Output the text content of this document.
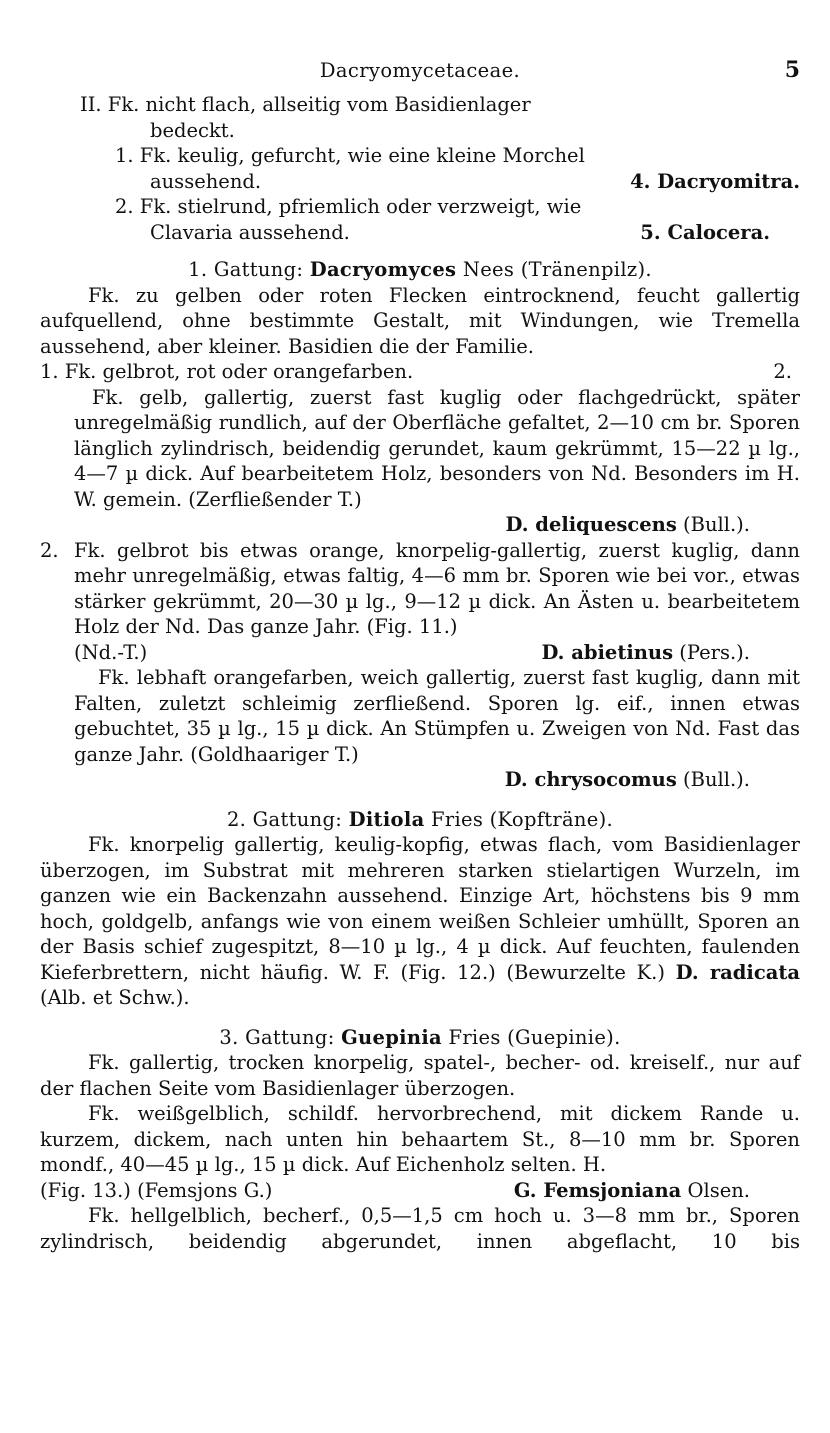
Dacryomycetaceae.	5
II. Fk. nicht flach, allseitig vom Basidienlager
bedeckt.
1. Fk. keulig, gefurcht, wie eine kleine Morchel
aussehend.	4. Dacryomitra.
2. Fk. stielrund, pfriemlich oder verzweigt, wie
Clavaria aussehend.	5. Calocera.

1. Gattung: Dacryomyces Nees (Tränenpilz).

Fk. zu gelben oder roten Flecken eintrocknend, feucht gallertig aufquellend, ohne bestimmte Gestalt, mit Windungen, wie Tremella aussehend, aber kleiner. Basidien die der Familie.

1. Fk. gelbrot, rot oder orangefarben.	2.

Fk. gelb, gallertig, zuerst fast kuglig oder flachgedrückt, später unregelmäßig rundlich, auf der Oberfläche gefaltet, 2—10 cm br. Sporen länglich zylindrisch, beidendig gerundet, kaum gekrümmt, 15—22 µ lg., 4—7 µ dick. Auf bearbeitetem Holz, besonders von Nd. Besonders im H. W. gemein. (Zerfließender T.)

D. deliquescens (Bull.).
2. Fk. gelbrot bis etwas orange, knorpelig-gallertig, zuerst kuglig, dann mehr unregelmäßig, etwas faltig, 4—6 mm br. Sporen wie bei vor., etwas stärker gekrümmt, 20—30 µ lg., 9—12 µ dick. An Ästen u. bearbeitetem Holz der Nd. Das ganze Jahr. (Fig. 11.)

(Nd.-T.)	D. abietinus (Pers.).

Fk. lebhaft orangefarben, weich gallertig, zuerst fast kuglig, dann mit Falten, zuletzt schleimig zerfließend. Sporen lg. eif., innen etwas gebuchtet, 35 µ lg., 15 µ dick. An Stümpfen u. Zweigen von Nd. Fast das ganze Jahr. (Goldhaariger T.)

D. chrysocomus (Bull.).

2. Gattung: Ditiola Fries (Kopfträne).

Fk. knorpelig gallertig, keulig-kopfig, etwas flach, vom Basidienlager überzogen, im Substrat mit mehreren starken stielartigen Wurzeln, im ganzen wie ein Backenzahn aussehend. Einzige Art, höchstens bis 9 mm hoch, goldgelb, anfangs wie von einem weißen Schleier umhüllt, Sporen an der Basis schief zugespitzt, 8—10 µ lg., 4 µ dick. Auf feuchten, faulenden Kieferbrettern, nicht häufig. W. F. (Fig. 12.) (Bewurzelte K.) D. radicata (Alb. et Schw.).

3. Gattung: Guepinia Fries (Guepinie).

Fk. gallertig, trocken knorpelig, spatel-, becher- od. kreiself., nur auf der flachen Seite vom Basidienlager überzogen.

Fk. weißgelblich, schildf. hervorbrechend, mit dickem Rande u. kurzem, dickem, nach unten hin behaartem St., 8—10 mm br. Sporen mondf., 40—45 µ lg., 15 µ dick. Auf Eichenholz selten. H.

(Fig. 13.) (Femsjons G.)	G. Femsjoniana Olsen.

Fk. hellgelblich, becherf., 0,5—1,5 cm hoch u. 3—8 mm br., Sporen zylindrisch, beidendig abgerundet, innen abgeflacht, 10 bis
